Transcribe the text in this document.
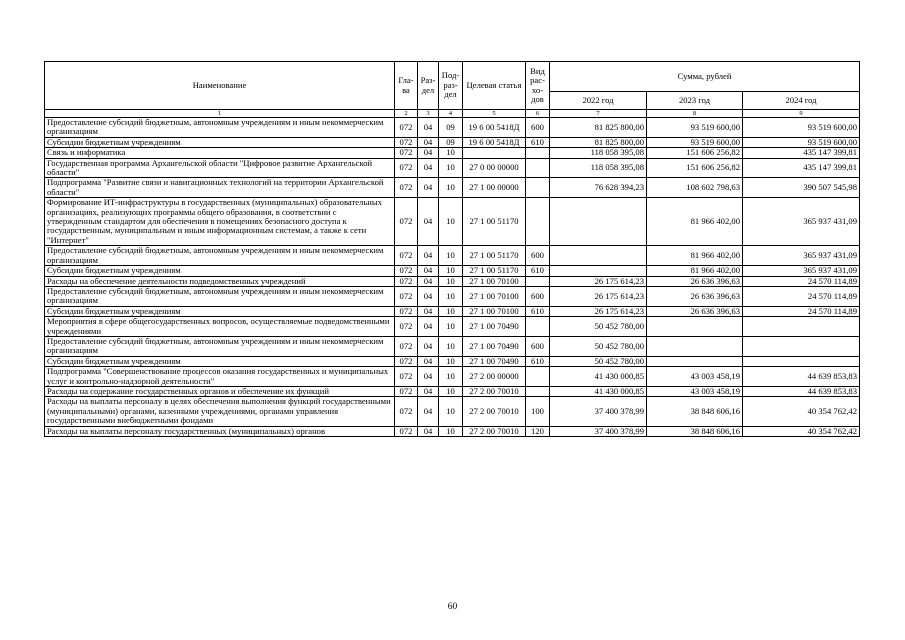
Наименование	Гла-ва	Раз-дел	Под-раз-дел	Целевая статья	Вид рас-хо-дов	Сумма, рублей		
						2022 год	2023 год	2024 год
1	2	3	4	5	6	7	8	9
Предоставление субсидий бюджетным, автономным учреждениям и иным некоммерческим организациям	072	04	09	19 6 00 5418Д	600	81 825 800,00	93 519 600,00	93 519 600,00
Субсидии бюджетным учреждениям	072	04	09	19 6 00 5418Д	610	81 825 800,00	93 519 600,00	93 519 600,00
Связь и информатика	072	04	10			118 058 395,08	151 606 256,82	435 147 399,81
Государственная программа Архангельской области "Цифровое развитие Архангельской области"	072	04	10	27 0 00 00000		118 058 395,08	151 606 256,82	435 147 399,81
Подпрограмма "Развитие связи и навигационных технологий на территории Архангельской области"	072	04	10	27 1 00 00000		76 628 394,23	108 602 798,63	390 507 545,98
Формирование ИТ-инфраструктуры в государственных (муниципальных) образовательных организациях, реализующих программы общего образования, в соответствии с утвержденным стандартом для обеспечения в помещениях безопасного доступа к государственным, муниципальным и иным информационным системам, а также к сети "Интернет"	072	04	10	27 1 00 51170			81 966 402,00	365 937 431,09
Предоставление субсидий бюджетным, автономным учреждениям и иным некоммерческим организациям	072	04	10	27 1 00 51170	600		81 966 402,00	365 937 431,09
Субсидии бюджетным учреждениям	072	04	10	27 1 00 51170	610		81 966 402,00	365 937 431,09
Расходы на обеспечение деятельности подведомственных учреждений	072	04	10	27 1 00 70100		26 175 614,23	26 636 396,63	24 570 114,89
Предоставление субсидий бюджетным, автономным учреждениям и иным некоммерческим организациям	072	04	10	27 1 00 70100	600	26 175 614,23	26 636 396,63	24 570 114,89
Субсидии бюджетным учреждениям	072	04	10	27 1 00 70100	610	26 175 614,23	26 636 396,63	24 570 114,89
Мероприятия в сфере общегосударственных вопросов, осуществляемые подведомственными учреждениями	072	04	10	27 1 00 70490		50 452 780,00		
Предоставление субсидий бюджетным, автономным учреждениям и иным некоммерческим организациям	072	04	10	27 1 00 70490	600	50 452 780,00		
Субсидии бюджетным учреждениям	072	04	10	27 1 00 70490	610	50 452 780,00		
Подпрограмма "Совершенствование процессов оказания государственных и муниципальных услуг и контрольно-надзорной деятельности"	072	04	10	27 2 00 00000		41 430 000,85	43 003 458,19	44 639 853,83
Расходы на содержание государственных органов и обеспечение их функций	072	04	10	27 2 00 70010		41 430 000,85	43 003 458,19	44 639 853,83
Расходы на выплаты персоналу в целях обеспечения выполнения функций государственными (муниципальными) органами, казенными учреждениями, органами управления государственными внебюджетными фондами	072	04	10	27 2 00 70010	100	37 400 378,99	38 848 606,16	40 354 762,42
Расходы на выплаты персоналу государственных (муниципальных) органов	072	04	10	27 2 00 70010	120	37 400 378,99	38 848 606,16	40 354 762,42
60
